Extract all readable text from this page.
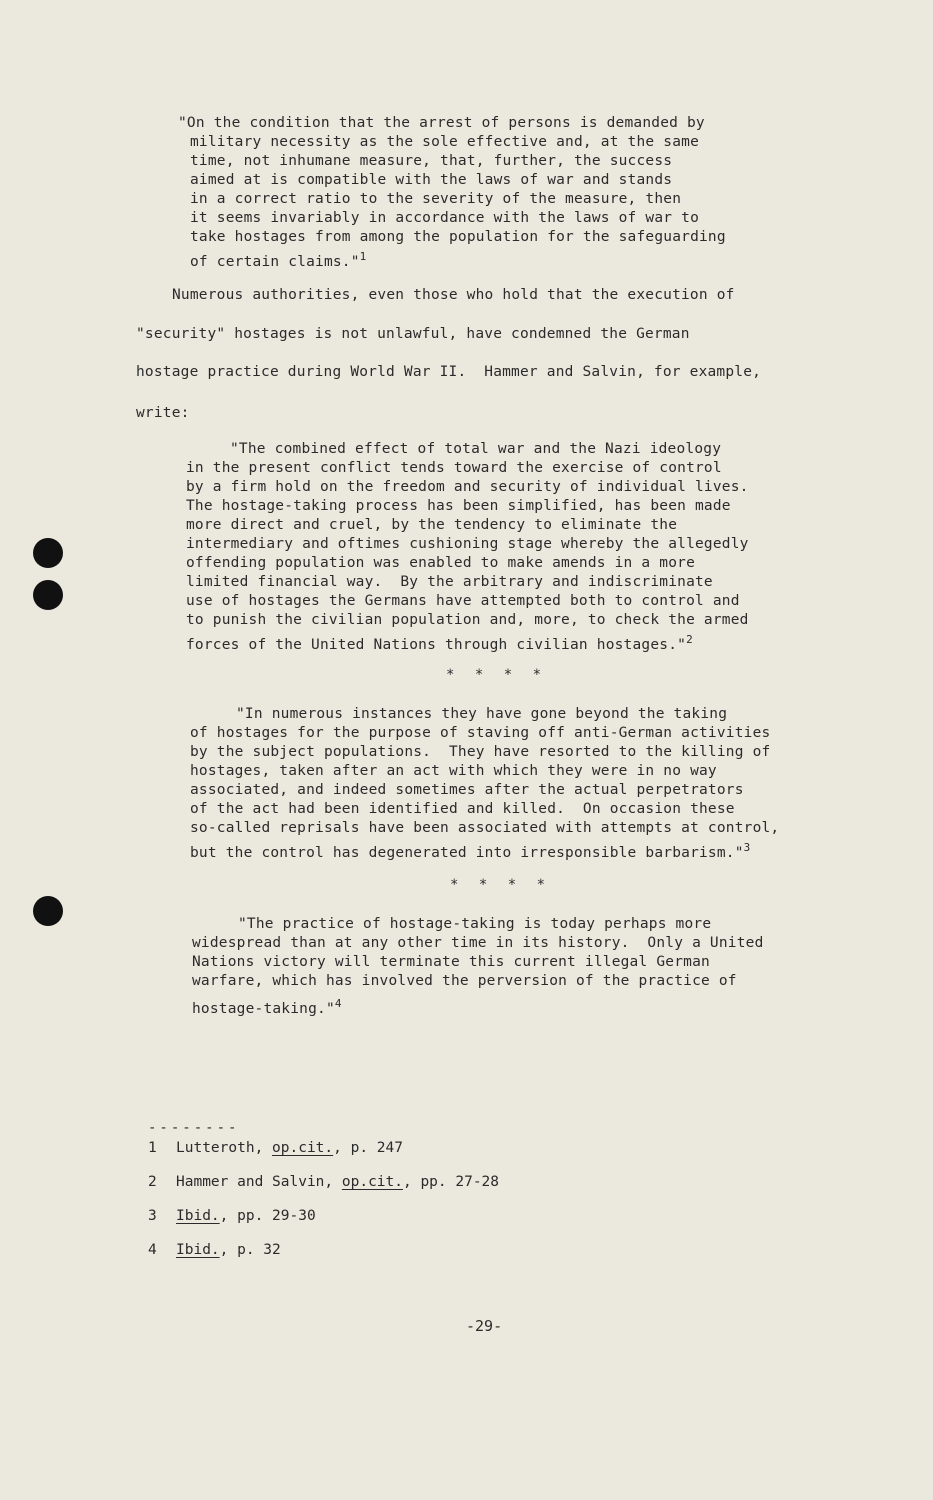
"On the condition that the arrest of persons is demanded by
military necessity as the sole effective and, at the same
time, not inhumane measure, that, further, the success
aimed at is compatible with the laws of war and stands
in a correct ratio to the severity of the measure, then
it seems invariably in accordance with the laws of war to
take hostages from among the population for the safeguarding
of certain claims."$^1$
Numerous authorities, even those who hold that the execution of
"security" hostages is not unlawful, have condemned the German
hostage practice during World War II.  Hammer and Salvin, for example,
write:
"The combined effect of total war and the Nazi ideology
in the present conflict tends toward the exercise of control
by a firm hold on the freedom and security of individual lives.
The hostage-taking process has been simplified, has been made
more direct and cruel, by the tendency to eliminate the
intermediary and oftimes cushioning stage whereby the allegedly
offending population was enabled to make amends in a more
limited financial way.  By the arbitrary and indiscriminate
use of hostages the Germans have attempted both to control and
to punish the civilian population and, more, to check the armed
forces of the United Nations through civilian hostages."$^2$
* * * *
"In numerous instances they have gone beyond the taking
of hostages for the purpose of staving off anti-German activities
by the subject populations.  They have resorted to the killing of
hostages, taken after an act with which they were in no way
associated, and indeed sometimes after the actual perpetrators
of the act had been identified and killed.  On occasion these
so-called reprisals have been associated with attempts at control,
but the control has degenerated into irresponsible barbarism."$^3$
* * * *
"The practice of hostage-taking is today perhaps more
widespread than at any other time in its history.  Only a United
Nations victory will terminate this current illegal German
warfare, which has involved the perversion of the practice of
hostage-taking."$^4$
--------
1 Lutteroth, op.cit., p. 247
2 Hammer and Salvin, op.cit., pp. 27-28
3 Ibid., pp. 29-30
4 Ibid., p. 32
-29-
